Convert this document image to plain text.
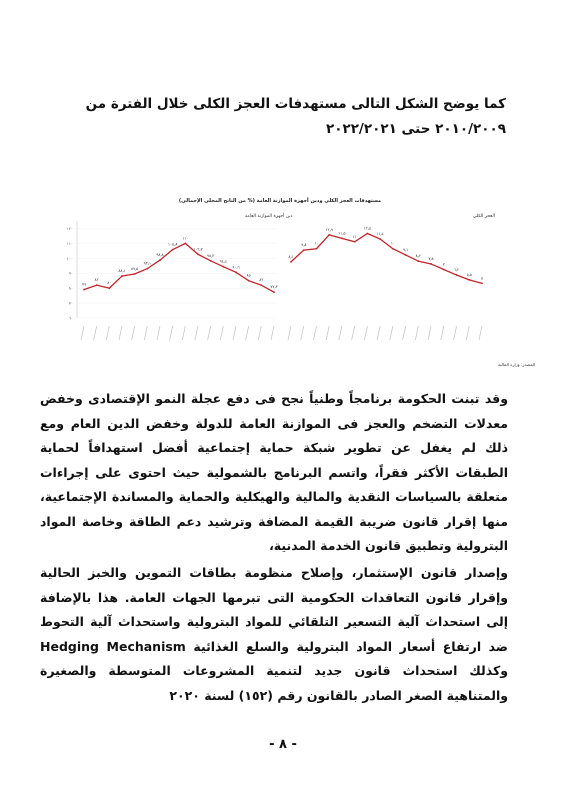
كما يوضح الشكل التالى مستهدفات العجز الكلى خلال الفترة من ٢٠١٠/٢٠٠٩ حتى ٢٠٢٢/٢٠٢١
مستهدفات العجز الكلي ودين أجهزة الموازنة العامة (% من الناتج المحلي الإجمالي)
دين أجهزة الموازنة العامة	العجز الكلي
٦٠
٧٠
٨٠
٩٠
١٠٠
١١٠
١٢٠
٧٩
٨٢
٨٠
٨٨٫١ ٨٩٫٥
٩٣٫١
٩٨٫٨
١٠٥٫٨
١١٠
١٠٢٫٧
٩٨٫٣
٩٤٫٤
٩٠٫٦
٨٥
٨٢
٧٧٫٣
٨٫١
٩٫٨ ١٠
١٢٫٩
١١٫٥
١١
١٢٫٥
١١٫٤
١٠
٩٫١
٨٫٢
٧٫٨
٧
٦٫٢
٥٫٥
٥
المصدر: وزارة المالية
وقد تبنت الحكومة برنامجاً وطنياً نجح فى دفع عجلة النمو الإقتصادى وخفض معدلات التضخم والعجز فى الموازنة العامة للدولة وخفض الدين العام ومع ذلك لم يغفل عن تطوير شبكة حماية إجتماعية أفضل استهدافاً لحماية الطبقات الأكثر فقراً، واتسم البرنامج بالشمولية حيث احتوى على إجراءات متعلقة بالسياسات النقدية والمالية والهيكلية والحماية والمساندة الإجتماعية، منها إقرار قانون ضريبة القيمة المضافة وترشيد دعم الطاقة وخاصة المواد البترولية وتطبيق قانون الخدمة المدنية،
وإصدار قانون الإستثمار، وإصلاح منظومة بطاقات التموين والخبز الحالية وإقرار قانون التعاقدات الحكومية التى تبرمها الجهات العامة. هذا بالإضافة إلى استحداث آلية التسعير التلقائي للمواد البترولية واستحداث آلية التحوط ضد ارتفاع أسعار المواد البترولية والسلع الغذائية Hedging Mechanism وكذلك استحداث قانون جديد لتنمية المشروعات المتوسطة والصغيرة والمتناهية الصغر الصادر بالقانون رقم (١٥٢) لسنة ٢٠٢٠
- ٨ -
